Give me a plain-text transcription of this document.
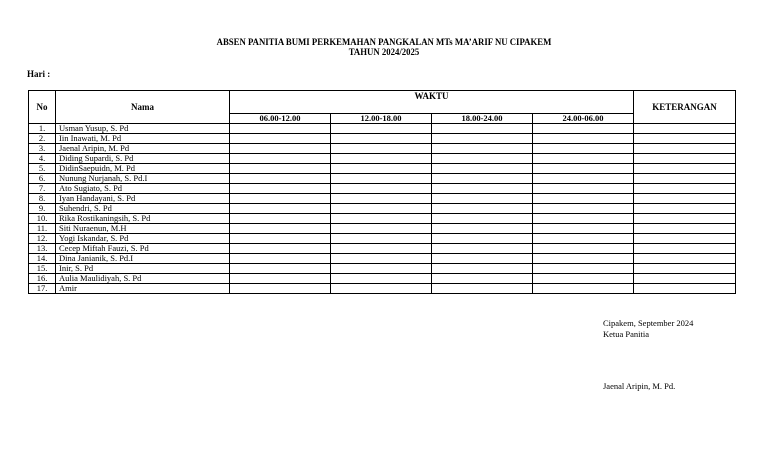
ABSEN PANITIA BUMI PERKEMAHAN PANGKALAN MTs MA’ARIF NU CIPAKEM
TAHUN 2024/2025
Hari :
No	Nama	WAKTU				KETERANGAN
		06.00-12.00	12.00-18.00	18.00-24.00	24.00-06.00	
1.	Usman Yusup, S. Pd					
2.	Iin Inawati, M. Pd					
3.	Jaenal Aripin, M. Pd					
4.	Diding Supardi, S. Pd					
5.	DidinSaepuidn, M. Pd					
6.	Nunung Nurjanah, S. Pd.I					
7.	Ato Sugiato, S. Pd					
8.	Iyan Handayani, S. Pd					
9.	Suhendri, S. Pd					
10.	Rika Rostikaningsih, S. Pd					
11.	Siti Nuraenun, M.H					
12.	Yogi Iskandar, S. Pd					
13.	Cecep Miftah Fauzi, S. Pd					
14.	Dina Janianik, S. Pd.I					
15.	Inir, S. Pd					
16.	Aulia Maulidiyah, S. Pd					
17.	Amir					
Cipakem, September 2024
Ketua Panitia
Jaenal Aripin, M. Pd.
